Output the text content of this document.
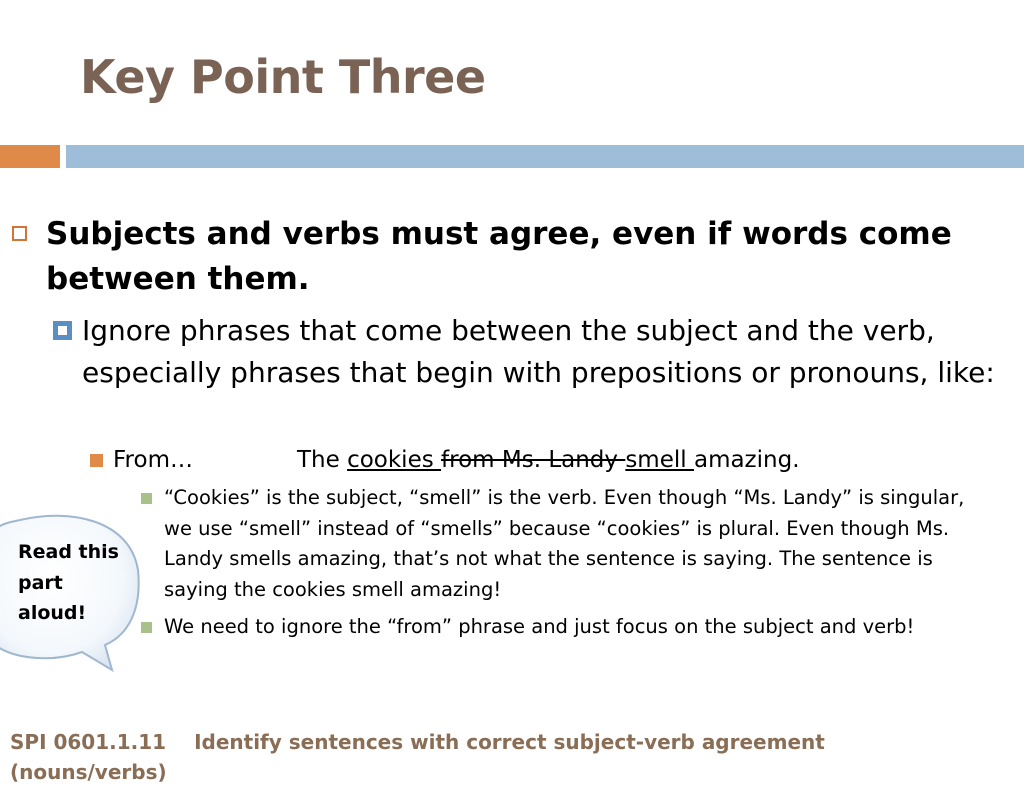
Key Point Three
Subjects and verbs must agree, even if words come between them.
Ignore phrases that come between the subject and the verb, especially phrases that begin with prepositions or pronouns, like:
From…	The cookies from Ms. Landy smell amazing.
“Cookies” is the subject, “smell” is the verb. Even though “Ms. Landy” is singular, we use “smell” instead of “smells” because “cookies” is plural. Even though Ms. Landy smells amazing, that’s not what the sentence is saying. The sentence is saying the cookies smell amazing!
We need to ignore the “from” phrase and just focus on the subject and verb!
Read this part aloud!
SPI 0601.1.11 Identify sentences with correct subject-verb agreement
(nouns/verbs)
